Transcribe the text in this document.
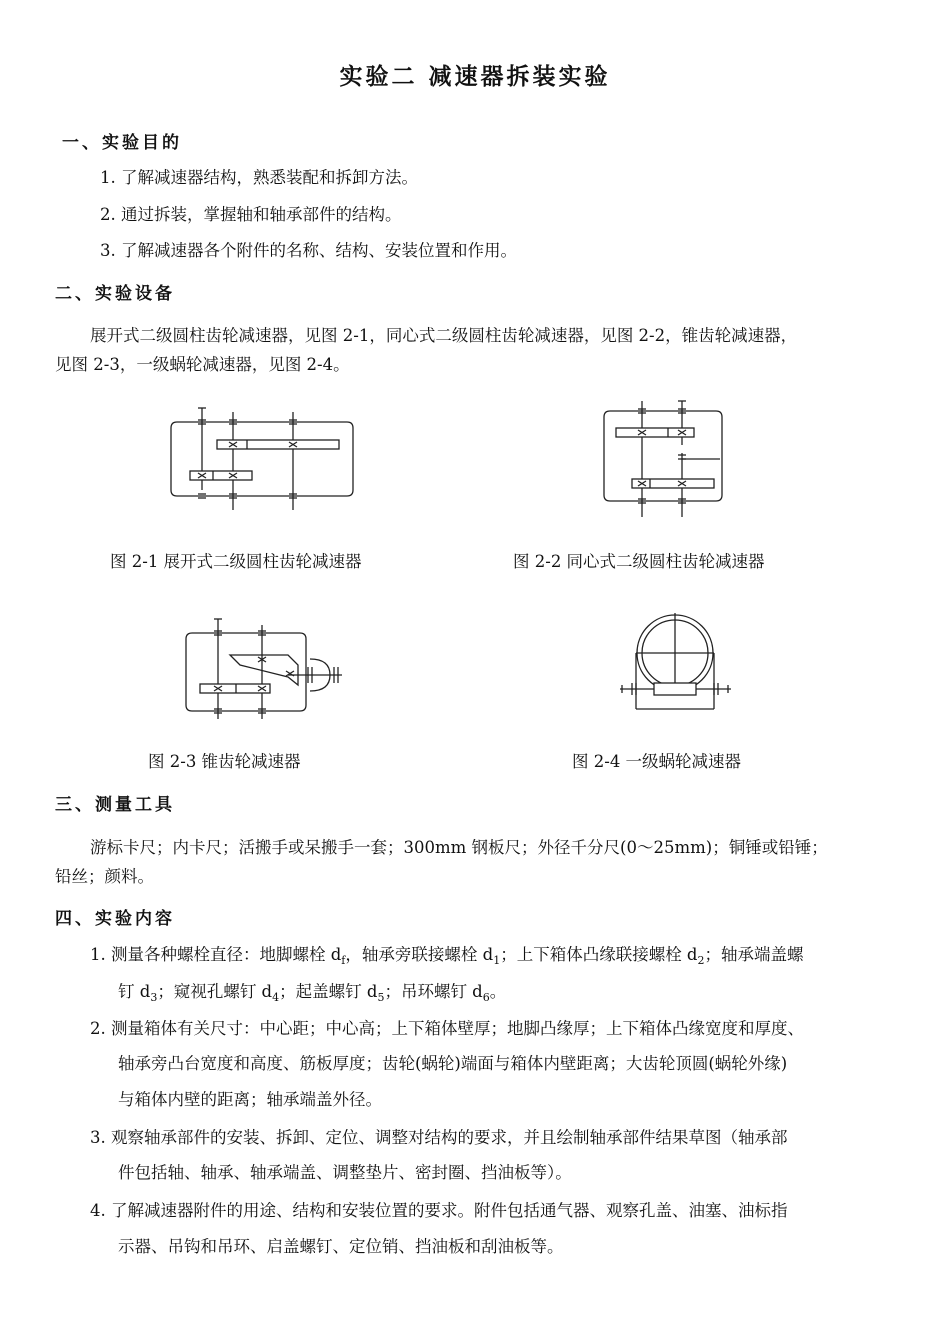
实验二 减速器拆装实验
一、实验目的
1. 了解减速器结构，熟悉装配和拆卸方法。
2. 通过拆装，掌握轴和轴承部件的结构。
3. 了解减速器各个附件的名称、结构、安装位置和作用。
二、实验设备
展开式二级圆柱齿轮减速器，见图 2-1，同心式二级圆柱齿轮减速器，见图 2-2，锥齿轮减速器，
见图 2-3，一级蜗轮减速器，见图 2-4。
图 2-1 展开式二级圆柱齿轮减速器	图 2-2 同心式二级圆柱齿轮减速器
图 2-3 锥齿轮减速器	图 2-4 一级蜗轮减速器
三、测量工具
游标卡尺；内卡尺；活搬手或呆搬手一套；300mm 钢板尺；外径千分尺(0～25mm)；铜锤或铅锤；
铅丝；颜料。
四、实验内容
1. 测量各种螺栓直径：地脚螺栓 $d_f$，轴承旁联接螺栓 $d_1$；上下箱体凸缘联接螺栓 $d_2$；轴承端盖螺
钉 $d_3$；窥视孔螺钉 $d_4$；起盖螺钉 $d_5$；吊环螺钉 $d_6$。
2. 测量箱体有关尺寸：中心距；中心高；上下箱体壁厚；地脚凸缘厚；上下箱体凸缘宽度和厚度、
轴承旁凸台宽度和高度、筋板厚度；齿轮(蜗轮)端面与箱体内壁距离；大齿轮顶圆(蜗轮外缘)
与箱体内壁的距离；轴承端盖外径。
3. 观察轴承部件的安装、拆卸、定位、调整对结构的要求，并且绘制轴承部件结果草图（轴承部
件包括轴、轴承、轴承端盖、调整垫片、密封圈、挡油板等）。
4. 了解减速器附件的用途、结构和安装位置的要求。附件包括通气器、观察孔盖、油塞、油标指
示器、吊钩和吊环、启盖螺钉、定位销、挡油板和刮油板等。
